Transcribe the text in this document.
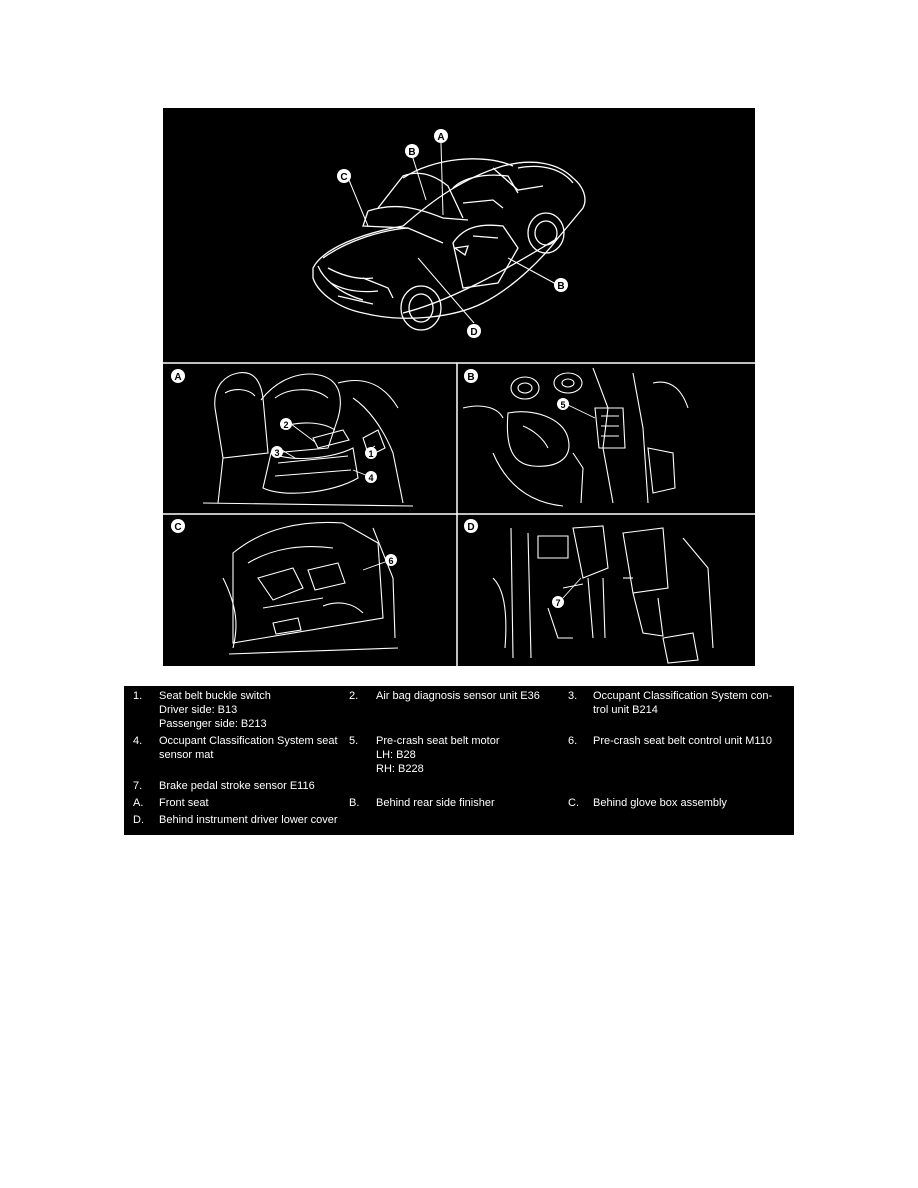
C
B
A
D
B
A
1
2
3
4
B
5
C
6
D
7
1.	Seat belt buckle switch
Driver side: B13
Passenger side: B213	2.	Air bag diagnosis sensor unit E36	3.	Occupant Classification System con-
trol unit B214
4.	Occupant Classification System seat
sensor mat	5.	Pre-crash seat belt motor
LH: B28
RH: B228	6.	Pre-crash seat belt control unit M110
7.	Brake pedal stroke sensor E116				
A.	Front seat	B.	Behind rear side finisher	C.	Behind glove box assembly
D.	Behind instrument driver lower cover				
